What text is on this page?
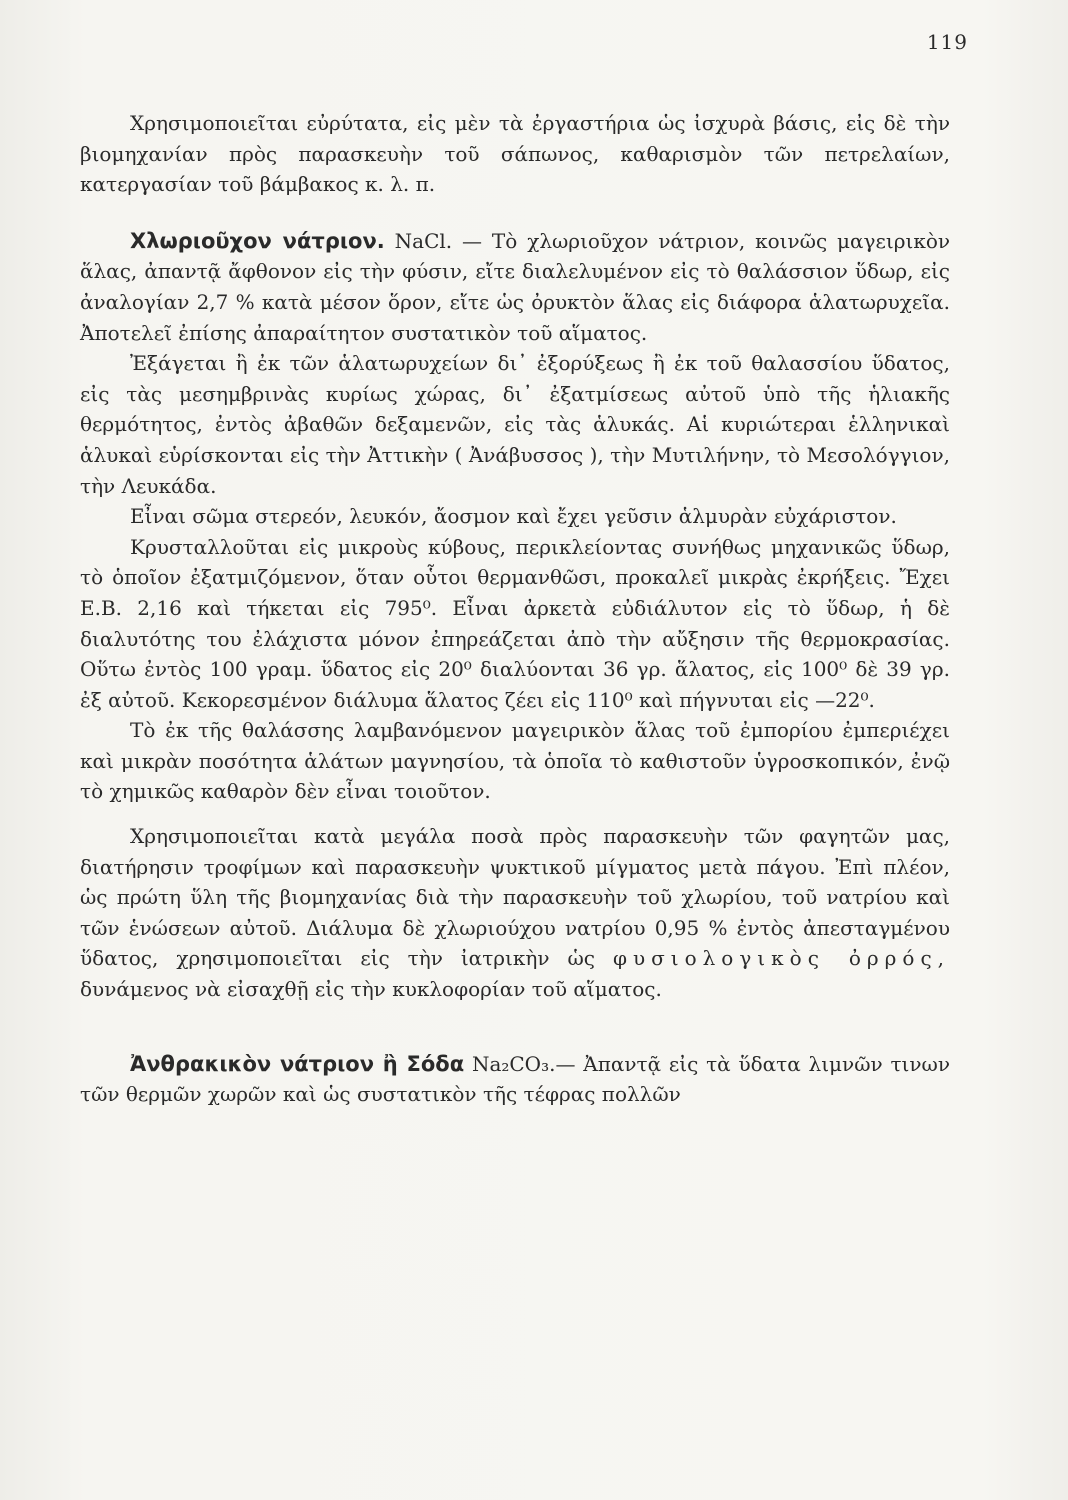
119

Χρησιμοποιεῖται εὐρύτατα, εἰς μὲν τὰ ἐργαστήρια ὡς ἰσχυρὰ βάσις, εἰς δὲ τὴν βιομηχανίαν πρὸς παρασκευὴν τοῦ σάπωνος, καθαρισμὸν τῶν πετρελαίων, κατεργασίαν τοῦ βάμβακος κ. λ. π.

Χλωριοῦχον νάτριον. NaCl. — Τὸ χλωριοῦχον νάτριον, κοινῶς μαγειρικὸν ἅλας, ἀπαντᾷ ἄφθονον εἰς τὴν φύσιν, εἴτε διαλελυμένον εἰς τὸ θαλάσσιον ὕδωρ, εἰς ἀναλογίαν 2,7 % κατὰ μέσον ὅρον, εἴτε ὡς ὀρυκτὸν ἅλας εἰς διάφορα ἁλατωρυχεῖα. Ἀποτελεῖ ἐπίσης ἀπαραίτητον συστατικὸν τοῦ αἵματος.

Ἐξάγεται ἢ ἐκ τῶν ἁλατωρυχείων δι᾿ ἐξορύξεως ἢ ἐκ τοῦ θαλασσίου ὕδατος, εἰς τὰς μεσημβρινὰς κυρίως χώρας, δι᾿ ἐξατμίσεως αὐτοῦ ὑπὸ τῆς ἡλιακῆς θερμότητος, ἐντὸς ἀβαθῶν δεξαμενῶν, εἰς τὰς ἁλυκάς. Αἱ κυριώτεραι ἑλληνικαὶ ἁλυκαὶ εὑρίσκονται εἰς τὴν Ἀττικὴν ( Ἀνάβυσσος ), τὴν Μυτιλήνην, τὸ Μεσολόγγιον, τὴν Λευκάδα.

Εἶναι σῶμα στερεόν, λευκόν, ἄοσμον καὶ ἔχει γεῦσιν ἁλμυρὰν εὐχάριστον.

Κρυσταλλοῦται εἰς μικροὺς κύβους, περικλείοντας συνήθως μηχανικῶς ὕδωρ, τὸ ὁποῖον ἐξατμιζόμενον, ὅταν οὗτοι θερμανθῶσι, προκαλεῖ μικρὰς ἐκρήξεις. Ἔχει Ε.Β. 2,16 καὶ τήκεται εἰς 795⁰. Εἶναι ἀρκετὰ εὐδιάλυτον εἰς τὸ ὕδωρ, ἡ δὲ διαλυτότης του ἐλάχιστα μόνον ἐπηρεάζεται ἀπὸ τὴν αὔξησιν τῆς θερμοκρασίας. Οὕτω ἐντὸς 100 γραμ. ὕδατος εἰς 20⁰ διαλύονται 36 γρ. ἅλατος, εἰς 100⁰ δὲ 39 γρ. ἐξ αὐτοῦ. Κεκορεσμένον διάλυμα ἅλατος ζέει εἰς 110⁰ καὶ πήγνυται εἰς —22⁰.

Τὸ ἐκ τῆς θαλάσσης λαμβανόμενον μαγειρικὸν ἅλας τοῦ ἐμπορίου ἐμπεριέχει καὶ μικρὰν ποσότητα ἁλάτων μαγνησίου, τὰ ὁποῖα τὸ καθιστοῦν ὑγροσκοπικόν, ἐνῷ τὸ χημικῶς καθαρὸν δὲν εἶναι τοιοῦτον.

Χρησιμοποιεῖται κατὰ μεγάλα ποσὰ πρὸς παρασκευὴν τῶν φαγητῶν μας, διατήρησιν τροφίμων καὶ παρασκευὴν ψυκτικοῦ μίγματος μετὰ πάγου. Ἐπὶ πλέον, ὡς πρώτη ὕλη τῆς βιομηχανίας διὰ τὴν παρασκευὴν τοῦ χλωρίου, τοῦ νατρίου καὶ τῶν ἑνώσεων αὐτοῦ. Διάλυμα δὲ χλωριούχου νατρίου 0,95 % ἐντὸς ἀπεσταγμένου ὕδατος, χρησιμοποιεῖται εἰς τὴν ἰατρικὴν ὡς φυσιολογικὸς ὀρρός, δυνάμενος νὰ εἰσαχθῇ εἰς τὴν κυκλοφορίαν τοῦ αἵματος.

Ἀνθρακικὸν νάτριον ἢ Σόδα Na₂CO₃.— Ἀπαντᾷ εἰς τὰ ὕδατα λιμνῶν τινων τῶν θερμῶν χωρῶν καὶ ὡς συστατικὸν τῆς τέφρας πολλῶν
